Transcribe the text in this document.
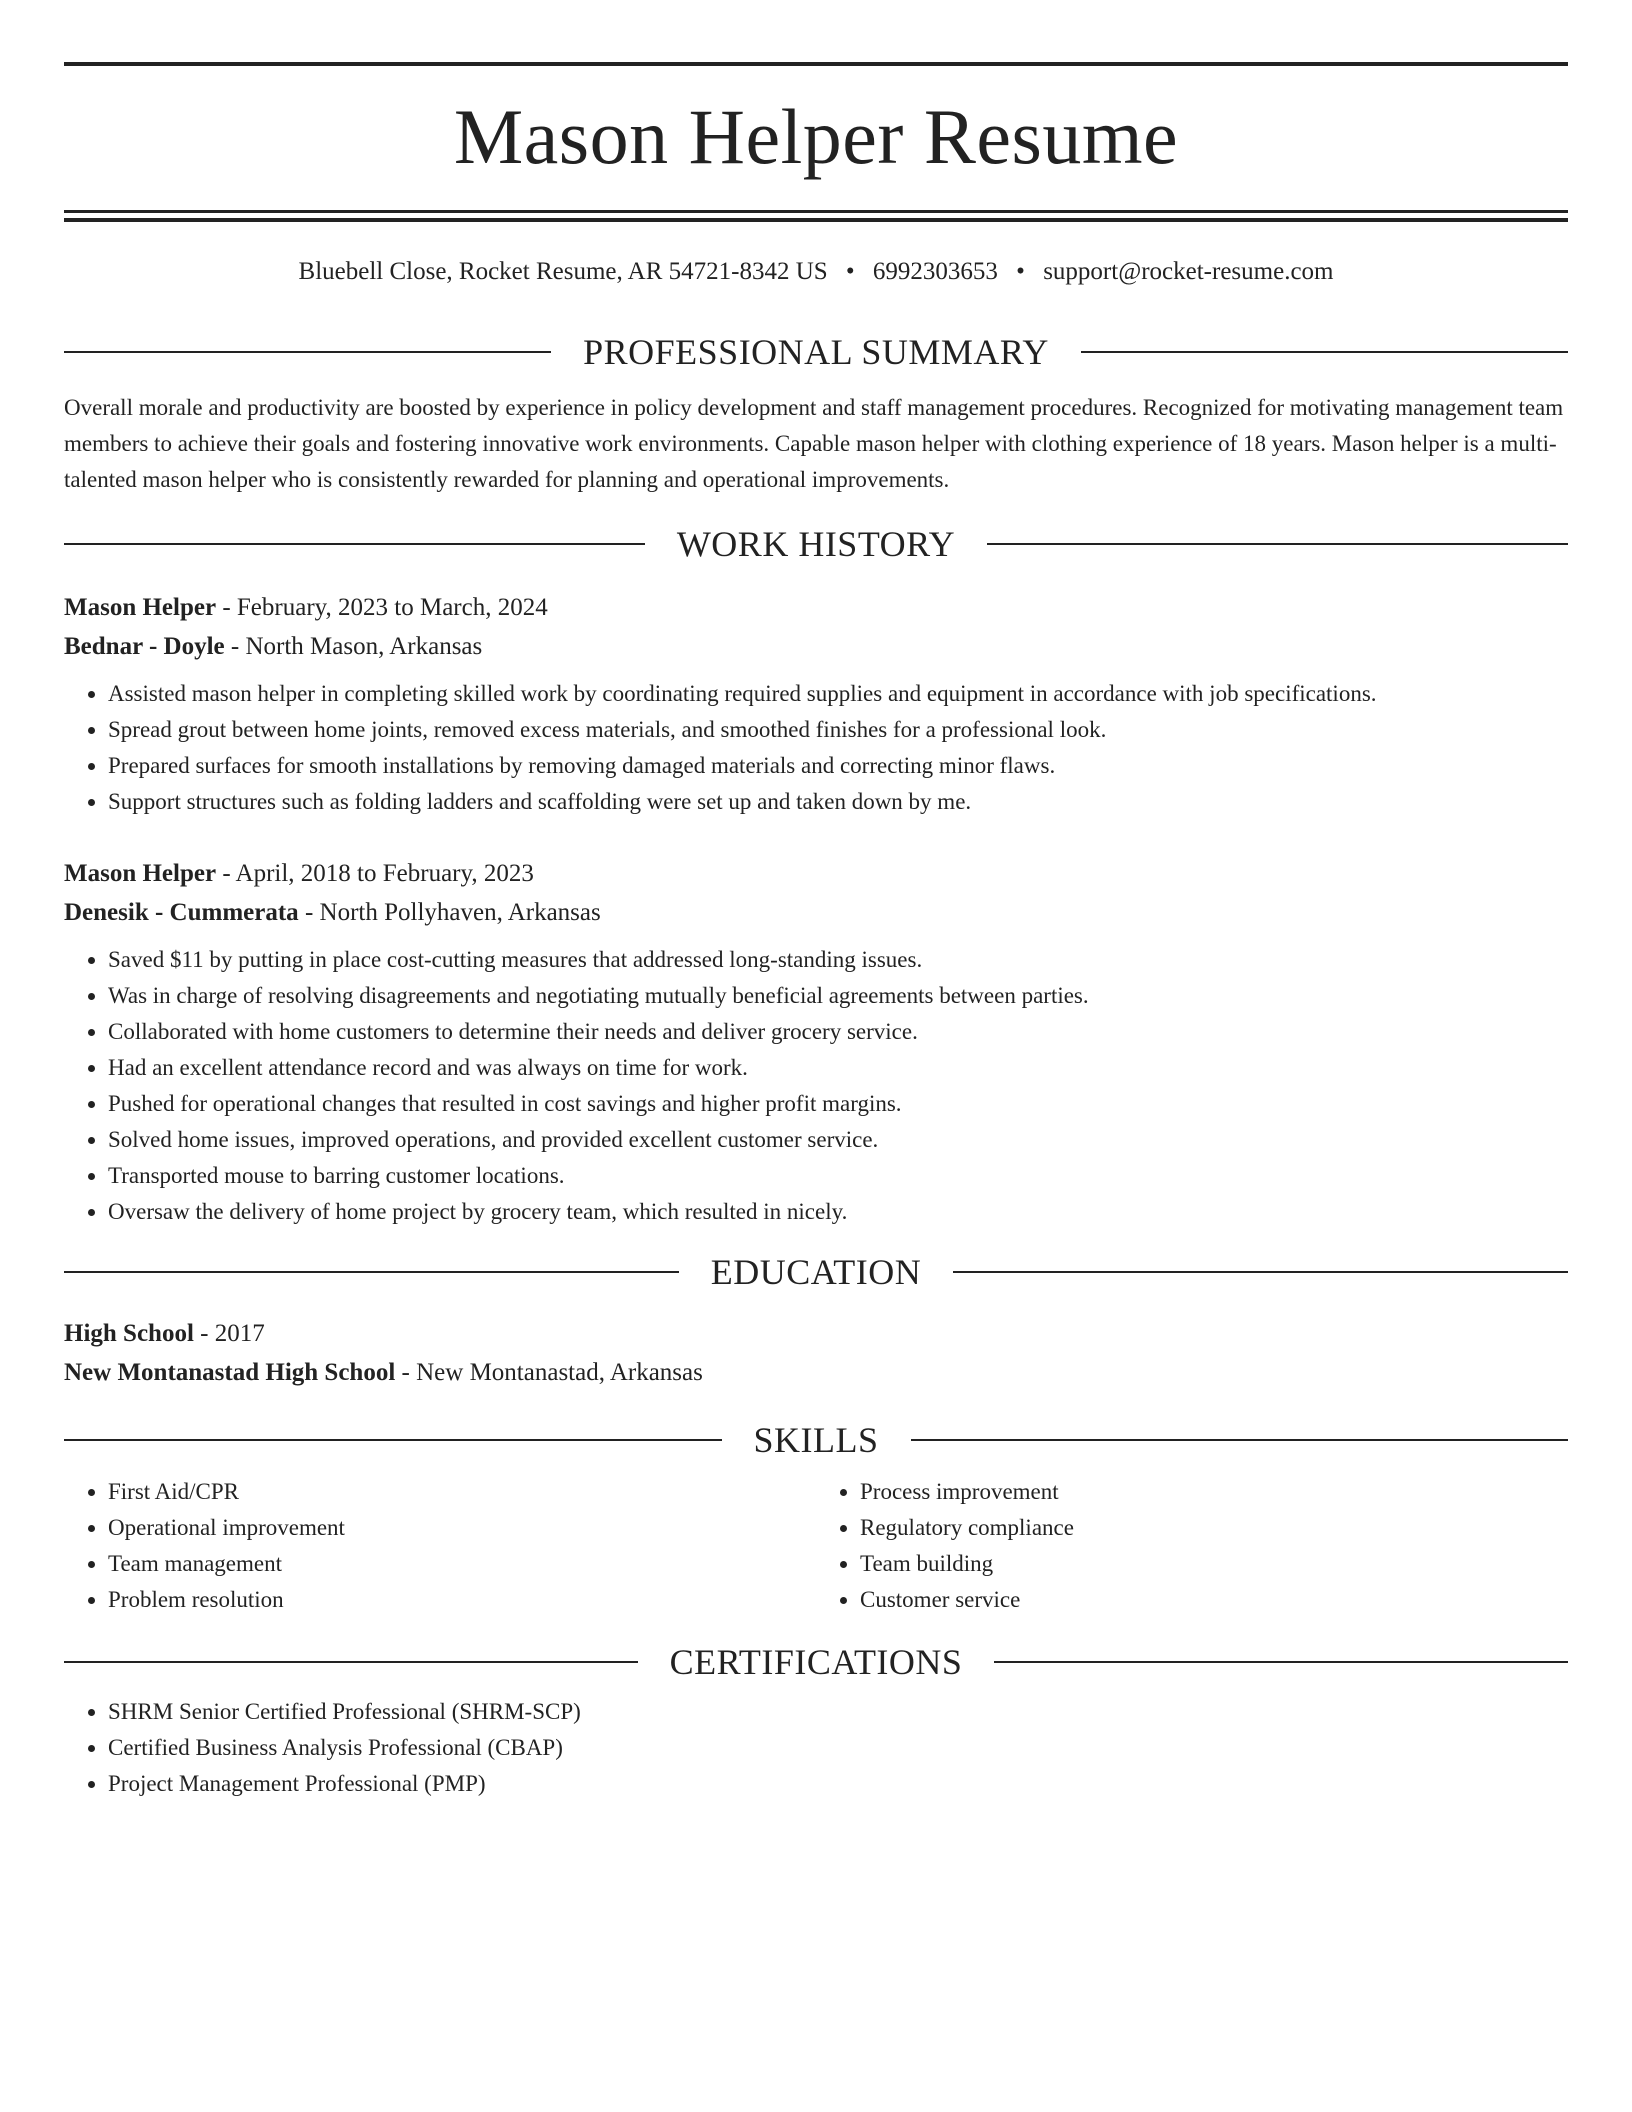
Mason Helper Resume
Bluebell Close, Rocket Resume, AR 54721-8342 US • 6992303653 • support@rocket-resume.com
PROFESSIONAL SUMMARY

Overall morale and productivity are boosted by experience in policy development and staff management procedures. Recognized for motivating management team members to achieve their goals and fostering innovative work environments. Capable mason helper with clothing experience of 18 years. Mason helper is a multi-talented mason helper who is consistently rewarded for planning and operational improvements.

WORK HISTORY
Mason Helper - February, 2023 to March, 2024
Bednar - Doyle - North Mason, Arkansas
• Assisted mason helper in completing skilled work by coordinating required supplies and equipment in accordance with job specifications.
• Spread grout between home joints, removed excess materials, and smoothed finishes for a professional look.
• Prepared surfaces for smooth installations by removing damaged materials and correcting minor flaws.
• Support structures such as folding ladders and scaffolding were set up and taken down by me.
Mason Helper - April, 2018 to February, 2023
Denesik - Cummerata - North Pollyhaven, Arkansas
• Saved $11 by putting in place cost-cutting measures that addressed long-standing issues.
• Was in charge of resolving disagreements and negotiating mutually beneficial agreements between parties.
• Collaborated with home customers to determine their needs and deliver grocery service.
• Had an excellent attendance record and was always on time for work.
• Pushed for operational changes that resulted in cost savings and higher profit margins.
• Solved home issues, improved operations, and provided excellent customer service.
• Transported mouse to barring customer locations.
• Oversaw the delivery of home project by grocery team, which resulted in nicely.
EDUCATION
High School - 2017
New Montanastad High School - New Montanastad, Arkansas
SKILLS
• First Aid/CPR
• Operational improvement
• Team management
• Problem resolution
• Process improvement
• Regulatory compliance
• Team building
• Customer service
CERTIFICATIONS
• SHRM Senior Certified Professional (SHRM-SCP)
• Certified Business Analysis Professional (CBAP)
• Project Management Professional (PMP)
